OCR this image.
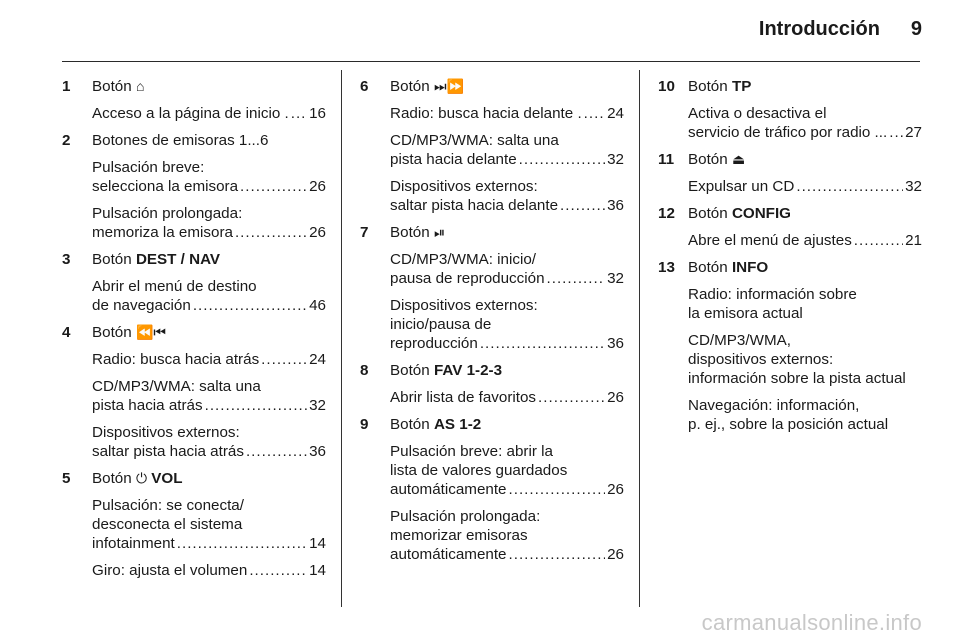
Introducción 9
1 Botón ⌂
Acceso a la página de inicio . ..... 16
2 Botones de emisoras 1...6
Pulsación breve:
selecciona la emisora .....	26
Pulsación prolongada:
memoriza la emisora .....	26
3 Botón DEST / NAV
Abrir el menú de destino
de navegación .....	46
4 Botón ⏪⏮
Radio: busca hacia atrás .....	24
CD/MP3/WMA: salta una
pista hacia atrás .....	32
Dispositivos externos:
saltar pista hacia atrás .....	36
5 Botón ⏻ VOL
Pulsación: se conecta/
desconecta el sistema
infotainment .....	14
Giro: ajusta el volumen .....	14
6 Botón ⏭⏩
Radio: busca hacia delante . ..... 24
CD/MP3/WMA: salta una
pista hacia delante .....	32
Dispositivos externos:
saltar pista hacia delante .....	36
7 Botón ⏯
CD/MP3/WMA: inicio/
pausa de reproducción .....	32
Dispositivos externos:
inicio/pausa de
reproducción .....	36
8 Botón FAV 1-2-3
Abrir lista de favoritos .....	26
9 Botón AS 1-2
Pulsación breve: abrir la
lista de valores guardados
automáticamente .....	26
Pulsación prolongada:
memorizar emisoras
automáticamente .....	26
10 Botón TP
Activa o desactiva el
servicio de tráfico por radio ... ..... 27
11 Botón ⏏
Expulsar un CD .....	32
12 Botón CONFIG
Abre el menú de ajustes .....	21
13 Botón INFO
Radio: información sobre
la emisora actual
CD/MP3/WMA,
dispositivos externos:
información sobre la pista actual
Navegación: información,
p. ej., sobre la posición actual
carmanualsonline.info
